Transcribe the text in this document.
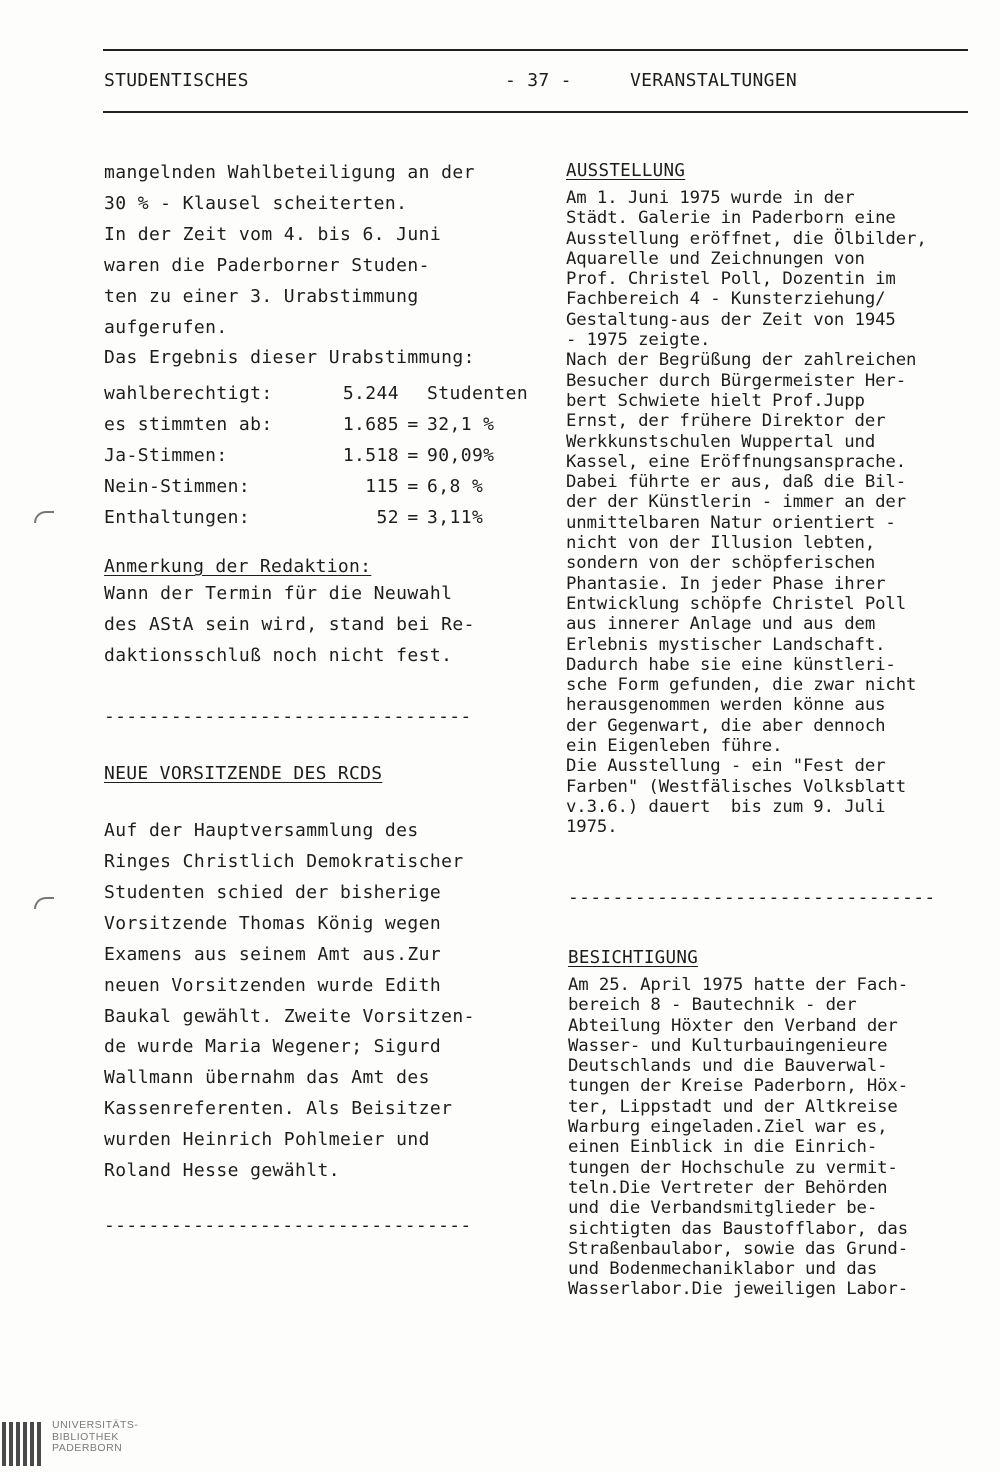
STUDENTISCHES	- 37 -	VERANSTALTUNGEN
mangelnden Wahlbeteiligung an der
30 % - Klausel scheiterten.
In der Zeit vom 4. bis 6. Juni
waren die Paderborner Studen-
ten zu einer 3. Urabstimmung
aufgerufen.
Das Ergebnis dieser Urabstimmung:
wahlberechtigt:	5.244		Studenten
es stimmten ab:	1.685	=	32,1 %
Ja-Stimmen:	1.518	=	90,09%
Nein-Stimmen:	115	=	6,8 %
Enthaltungen:	52	=	3,11%
Anmerkung der Redaktion:
Wann der Termin für die Neuwahl
des AStA sein wird, stand bei Re-
daktionsschluß noch nicht fest.
---------------------------------
NEUE VORSITZENDE DES RCDS
Auf der Hauptversammlung des
Ringes Christlich Demokratischer
Studenten schied der bisherige
Vorsitzende Thomas König wegen
Examens aus seinem Amt aus.Zur
neuen Vorsitzenden wurde Edith
Baukal gewählt. Zweite Vorsitzen-
de wurde Maria Wegener; Sigurd
Wallmann übernahm das Amt des
Kassenreferenten. Als Beisitzer
wurden Heinrich Pohlmeier und
Roland Hesse gewählt.
---------------------------------
AUSSTELLUNG
Am 1. Juni 1975 wurde in der
Städt. Galerie in Paderborn eine
Ausstellung eröffnet, die Ölbilder,
Aquarelle und Zeichnungen von
Prof. Christel Poll, Dozentin im
Fachbereich 4 - Kunsterziehung/
Gestaltung-aus der Zeit von 1945
- 1975 zeigte.
Nach der Begrüßung der zahlreichen
Besucher durch Bürgermeister Her-
bert Schwiete hielt Prof.Jupp
Ernst, der frühere Direktor der
Werkkunstschulen Wuppertal und
Kassel, eine Eröffnungsansprache.
Dabei führte er aus, daß die Bil-
der der Künstlerin - immer an der
unmittelbaren Natur orientiert -
nicht von der Illusion lebten,
sondern von der schöpferischen
Phantasie. In jeder Phase ihrer
Entwicklung schöpfe Christel Poll
aus innerer Anlage und aus dem
Erlebnis mystischer Landschaft.
Dadurch habe sie eine künstleri-
sche Form gefunden, die zwar nicht
herausgenommen werden könne aus
der Gegenwart, die aber dennoch
ein Eigenleben führe.
Die Ausstellung - ein "Fest der
Farben" (Westfälisches Volksblatt
v.3.6.) dauert  bis zum 9. Juli
1975.
---------------------------------
BESICHTIGUNG
Am 25. April 1975 hatte der Fach-
bereich 8 - Bautechnik - der
Abteilung Höxter den Verband der
Wasser- und Kulturbauingenieure
Deutschlands und die Bauverwal-
tungen der Kreise Paderborn, Höx-
ter, Lippstadt und der Altkreise
Warburg eingeladen.Ziel war es,
einen Einblick in die Einrich-
tungen der Hochschule zu vermit-
teln.Die Vertreter der Behörden
und die Verbandsmitglieder be-
sichtigten das Baustofflabor, das
Straßenbaulabor, sowie das Grund-
und Bodenmechaniklabor und das
Wasserlabor.Die jeweiligen Labor-
UNIVERSITÄTS-
BIBLIOTHEK
PADERBORN
